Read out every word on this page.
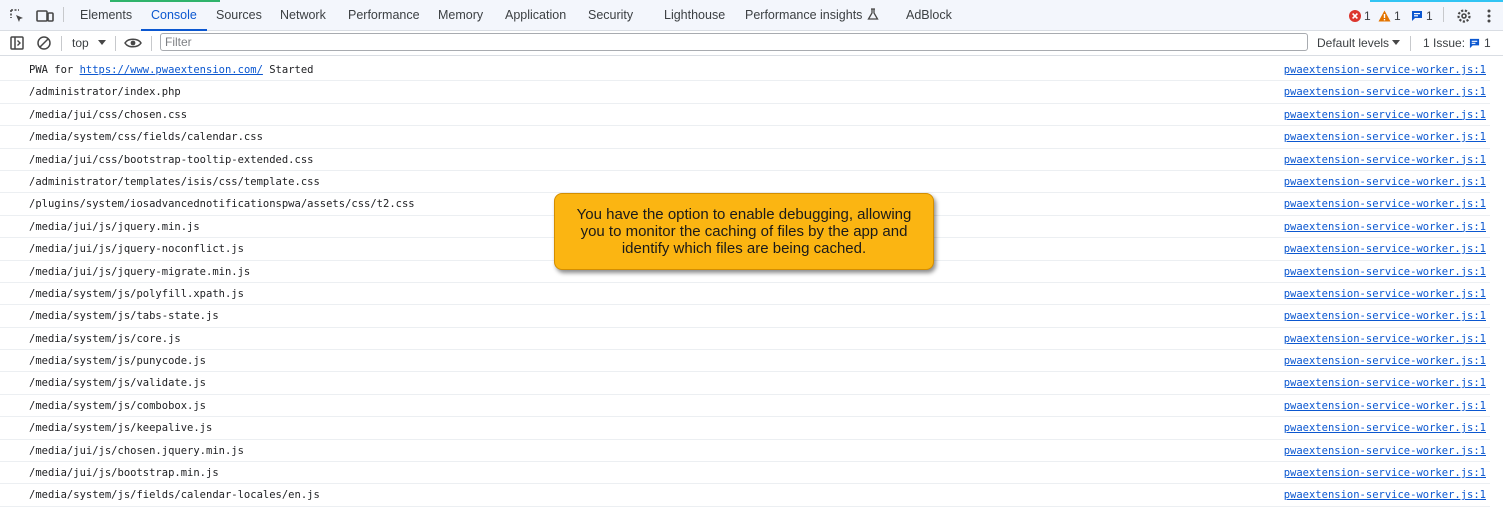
Elements Console Sources Network Performance Memory Application Security Lighthouse Performance insights	AdBlock	1 1 1
top
Filter	Default levels	1 Issue: 1
PWA for https://www.pwaextension.com/ Started	pwaextension-service-worker.js:1
/administrator/index.php	pwaextension-service-worker.js:1
/media/jui/css/chosen.css	pwaextension-service-worker.js:1
/media/system/css/fields/calendar.css	pwaextension-service-worker.js:1
/media/jui/css/bootstrap-tooltip-extended.css	pwaextension-service-worker.js:1
/administrator/templates/isis/css/template.css	pwaextension-service-worker.js:1
/plugins/system/iosadvancednotificationspwa/assets/css/t2.css	pwaextension-service-worker.js:1
/media/jui/js/jquery.min.js	pwaextension-service-worker.js:1
/media/jui/js/jquery-noconflict.js	pwaextension-service-worker.js:1
/media/jui/js/jquery-migrate.min.js	pwaextension-service-worker.js:1
/media/system/js/polyfill.xpath.js	pwaextension-service-worker.js:1
/media/system/js/tabs-state.js	pwaextension-service-worker.js:1
/media/system/js/core.js	pwaextension-service-worker.js:1
/media/system/js/punycode.js	pwaextension-service-worker.js:1
/media/system/js/validate.js	pwaextension-service-worker.js:1
/media/system/js/combobox.js	pwaextension-service-worker.js:1
/media/system/js/keepalive.js	pwaextension-service-worker.js:1
/media/jui/js/chosen.jquery.min.js	pwaextension-service-worker.js:1
/media/jui/js/bootstrap.min.js	pwaextension-service-worker.js:1
/media/system/js/fields/calendar-locales/en.js	pwaextension-service-worker.js:1
You have the option to enable debugging, allowing you to monitor the caching of files by the app and identify which files are being cached.
